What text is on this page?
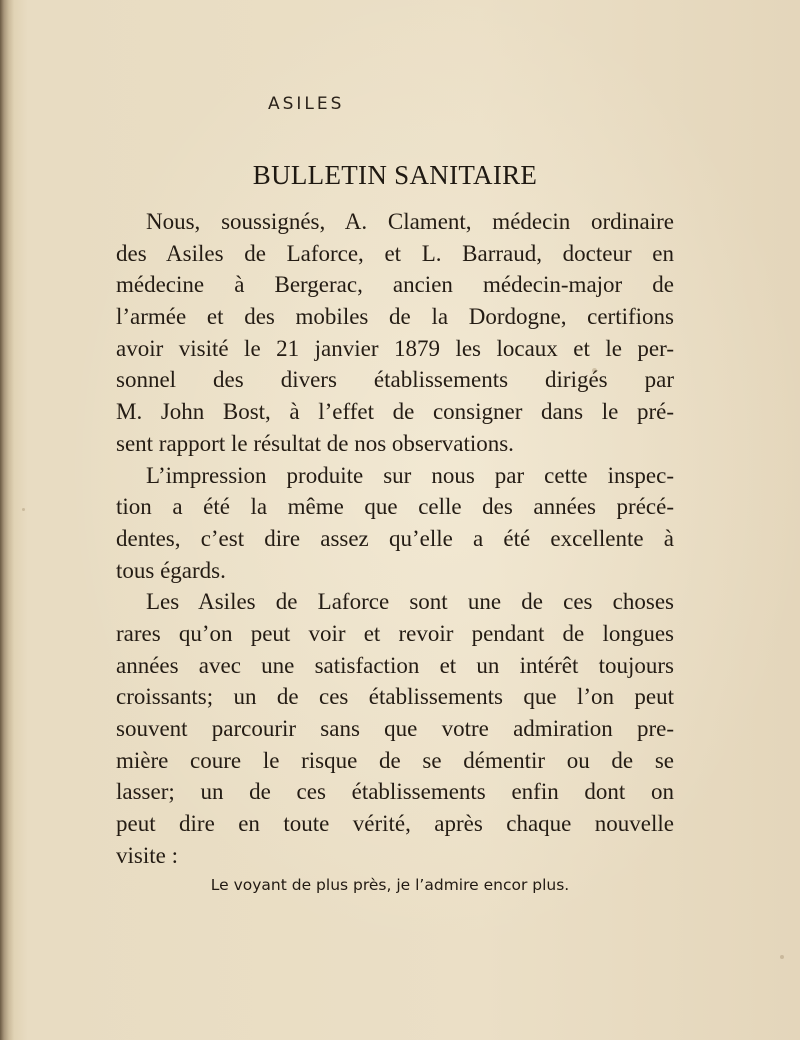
ASILES
BULLETIN SANITAIRE
Nous, soussignés, A. Clament, médecin ordinaire
des Asiles de Laforce, et L. Barraud, docteur en
médecine à Bergerac, ancien médecin-major de
l’armée et des mobiles de la Dordogne, certifions
avoir visité le 21 janvier 1879 les locaux et le per-
sonnel des divers établissements dirigés par
M. John Bost, à l’effet de consigner dans le pré-
sent rapport le résultat de nos observations.
L’impression produite sur nous par cette inspec-
tion a été la même que celle des années précé-
dentes, c’est dire assez qu’elle a été excellente à
tous égards.
Les Asiles de Laforce sont une de ces choses
rares qu’on peut voir et revoir pendant de longues
années avec une satisfaction et un intérêt toujours
croissants; un de ces établissements que l’on peut
souvent parcourir sans que votre admiration pre-
mière coure le risque de se démentir ou de se
lasser; un de ces établissements enfin dont on
peut dire en toute vérité, après chaque nouvelle
visite :
Le voyant de plus près, je l’admire encor plus.
